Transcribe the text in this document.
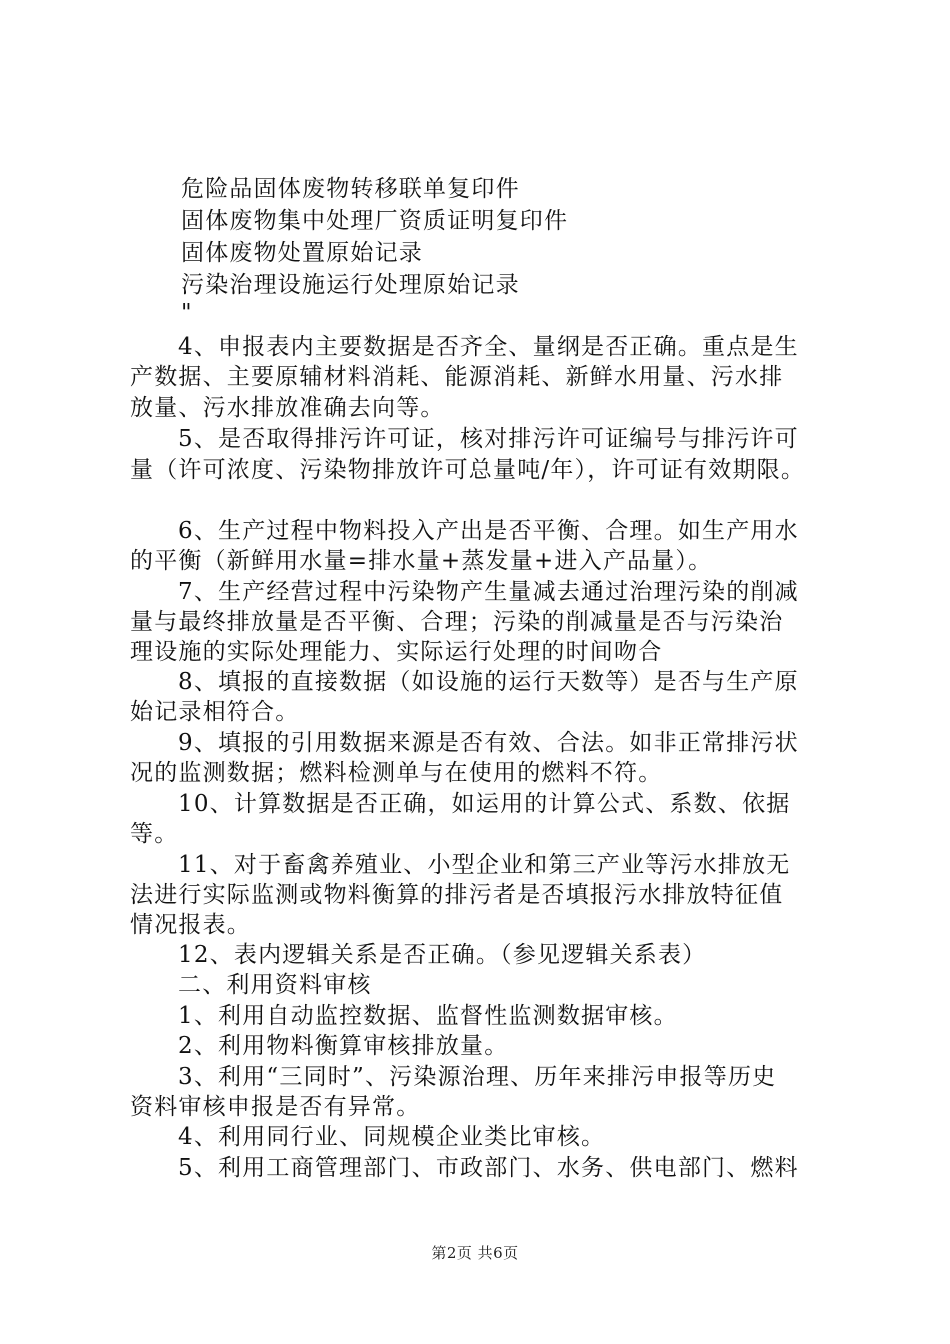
危险品固体废物转移联单复印件
固体废物集中处理厂资质证明复印件
固体废物处置原始记录
污染治理设施运行处理原始记录
"
4、申报表内主要数据是否齐全、量纲是否正确。重点是生
产数据、主要原辅材料消耗、能源消耗、新鲜水用量、污水排
放量、污水排放准确去向等。
5、是否取得排污许可证，核对排污许可证编号与排污许可
量（许可浓度、污染物排放许可总量吨/年），许可证有效期限。
6、生产过程中物料投入产出是否平衡、合理。如生产用水
的平衡（新鲜用水量=排水量+蒸发量+进入产品量）。
7、生产经营过程中污染物产生量减去通过治理污染的削减
量与最终排放量是否平衡、合理；污染的削减量是否与污染治
理设施的实际处理能力、实际运行处理的时间吻合
8、填报的直接数据（如设施的运行天数等）是否与生产原
始记录相符合。
9、填报的引用数据来源是否有效、合法。如非正常排污状
况的监测数据；燃料检测单与在使用的燃料不符。
10、计算数据是否正确，如运用的计算公式、系数、依据
等。
11、对于畜禽养殖业、小型企业和第三产业等污水排放无
法进行实际监测或物料衡算的排污者是否填报污水排放特征值
情况报表。
12、表内逻辑关系是否正确。（参见逻辑关系表）
二、利用资料审核
1、利用自动监控数据、监督性监测数据审核。
2、利用物料衡算审核排放量。
3、利用“三同时”、污染源治理、历年来排污申报等历史
资料审核申报是否有异常。
4、利用同行业、同规模企业类比审核。
5、利用工商管理部门、市政部门、水务、供电部门、燃料
第2页 共6页
